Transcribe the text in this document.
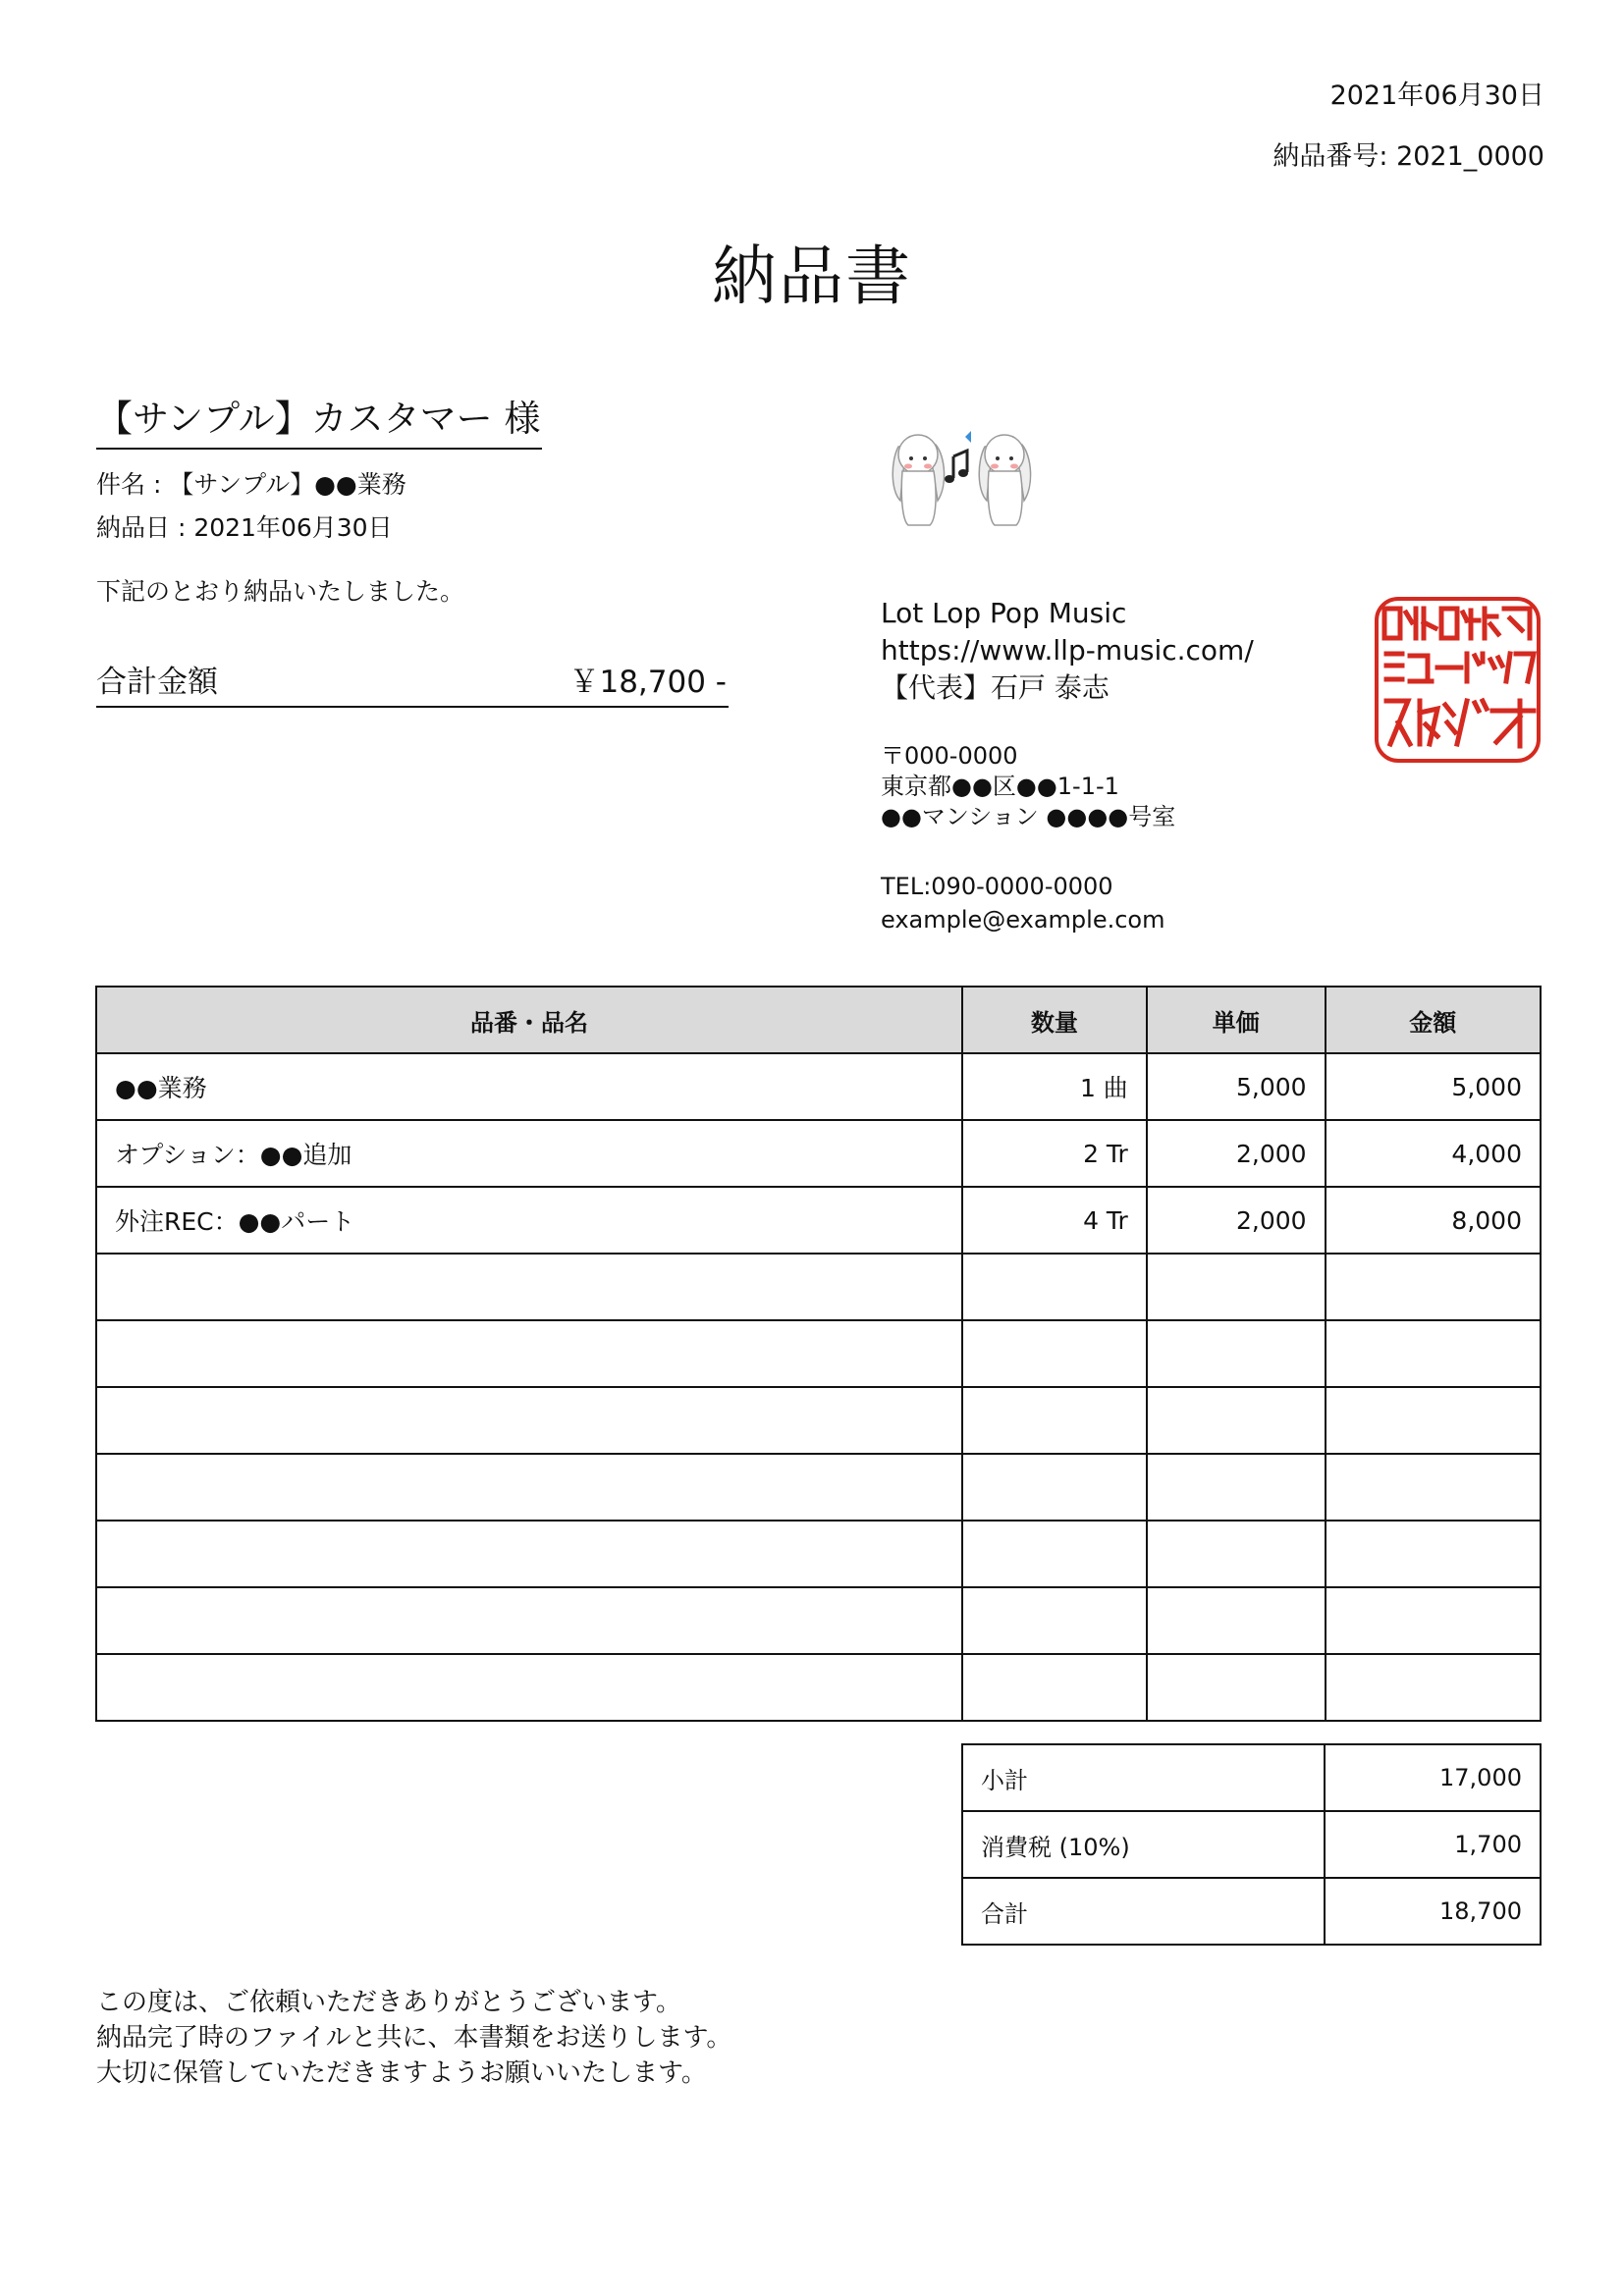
2021年06月30日
納品番号: 2021_0000
納品書
【サンプル】カスタマー 様
件名 : 【サンプル】●●業務
納品日 : 2021年06月30日
下記のとおり納品いたしました。
合計金額	￥18,700 -
Lot Lop Pop Music
https://www.llp-music.com/
【代表】石戸 泰志
〒000-0000
東京都●●区●●1-1-1
●●マンション ●●●●号室
TEL:090-0000-0000
example@example.com
品番・品名	数量	単価	金額
●●業務	1 曲	5,000	5,000
オプション：●●追加	2 Tr	2,000	4,000
外注REC：●●パート	4 Tr	2,000	8,000

小計	17,000
消費税 (10%)	1,700
合計	18,700
この度は、ご依頼いただきありがとうございます。
納品完了時のファイルと共に、本書類をお送りします。
大切に保管していただきますようお願いいたします。
